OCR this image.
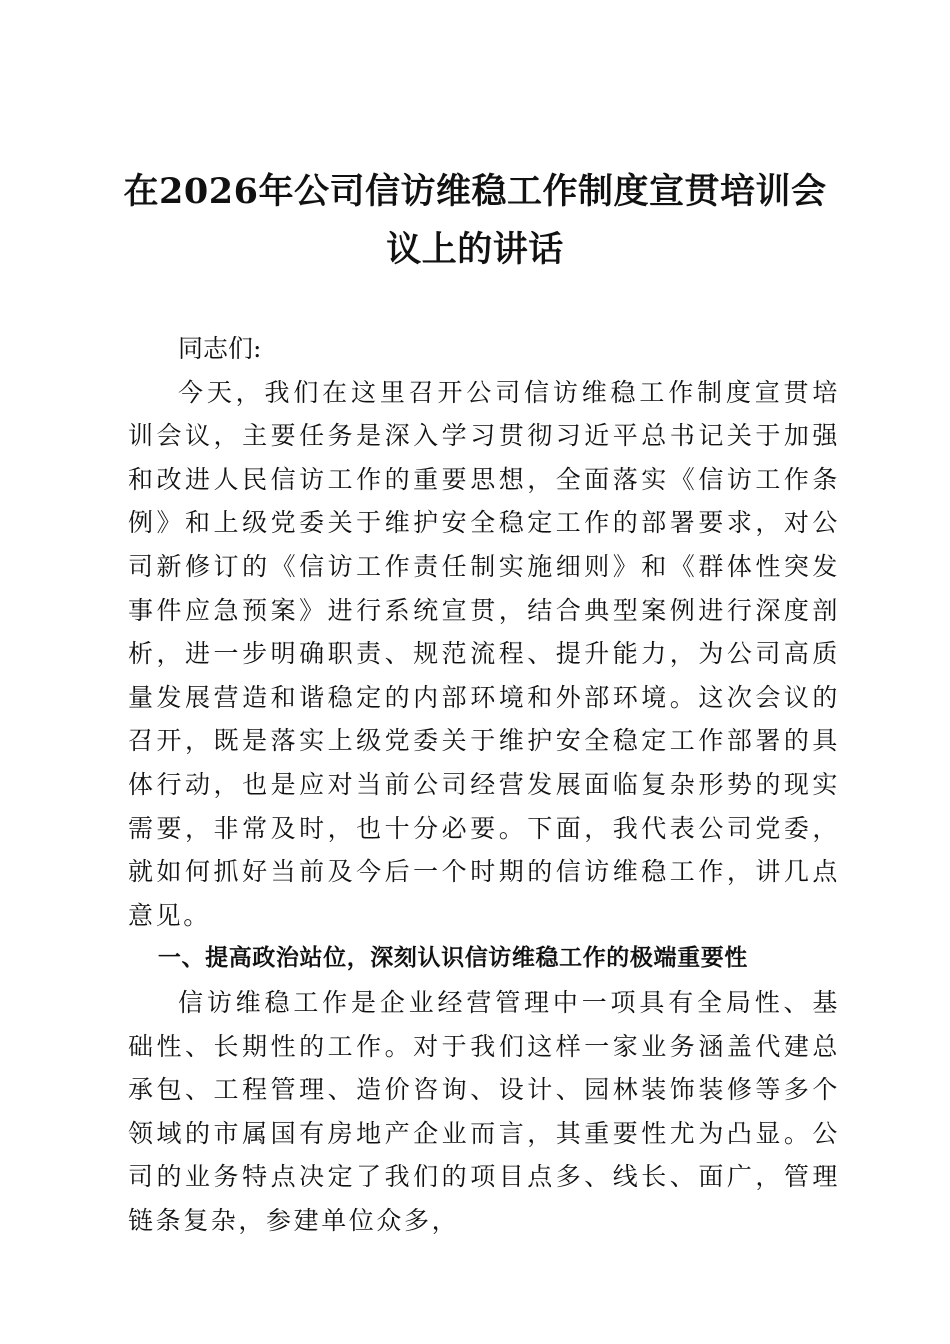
在2026年公司信访维稳工作制度宣贯培训会
议上的讲话

同志们:

今天，我们在这里召开公司信访维稳工作制度宣贯培训会议，主要任务是深入学习贯彻习近平总书记关于加强和改进人民信访工作的重要思想，全面落实《信访工作条例》和上级党委关于维护安全稳定工作的部署要求，对公司新修订的《信访工作责任制实施细则》和《群体性突发事件应急预案》进行系统宣贯，结合典型案例进行深度剖析，进一步明确职责、规范流程、提升能力，为公司高质量发展营造和谐稳定的内部环境和外部环境。这次会议的召开，既是落实上级党委关于维护安全稳定工作部署的具体行动，也是应对当前公司经营发展面临复杂形势的现实需要，非常及时，也十分必要。下面，我代表公司党委，就如何抓好当前及今后一个时期的信访维稳工作，讲几点意见。

一、提高政治站位，深刻认识信访维稳工作的极端重要性

信访维稳工作是企业经营管理中一项具有全局性、基础性、长期性的工作。对于我们这样一家业务涵盖代建总承包、工程管理、造价咨询、设计、园林装饰装修等多个领域的市属国有房地产企业而言，其重要性尤为凸显。公司的业务特点决定了我们的项目点多、线长、面广，管理链条复杂，参建单位众多，
